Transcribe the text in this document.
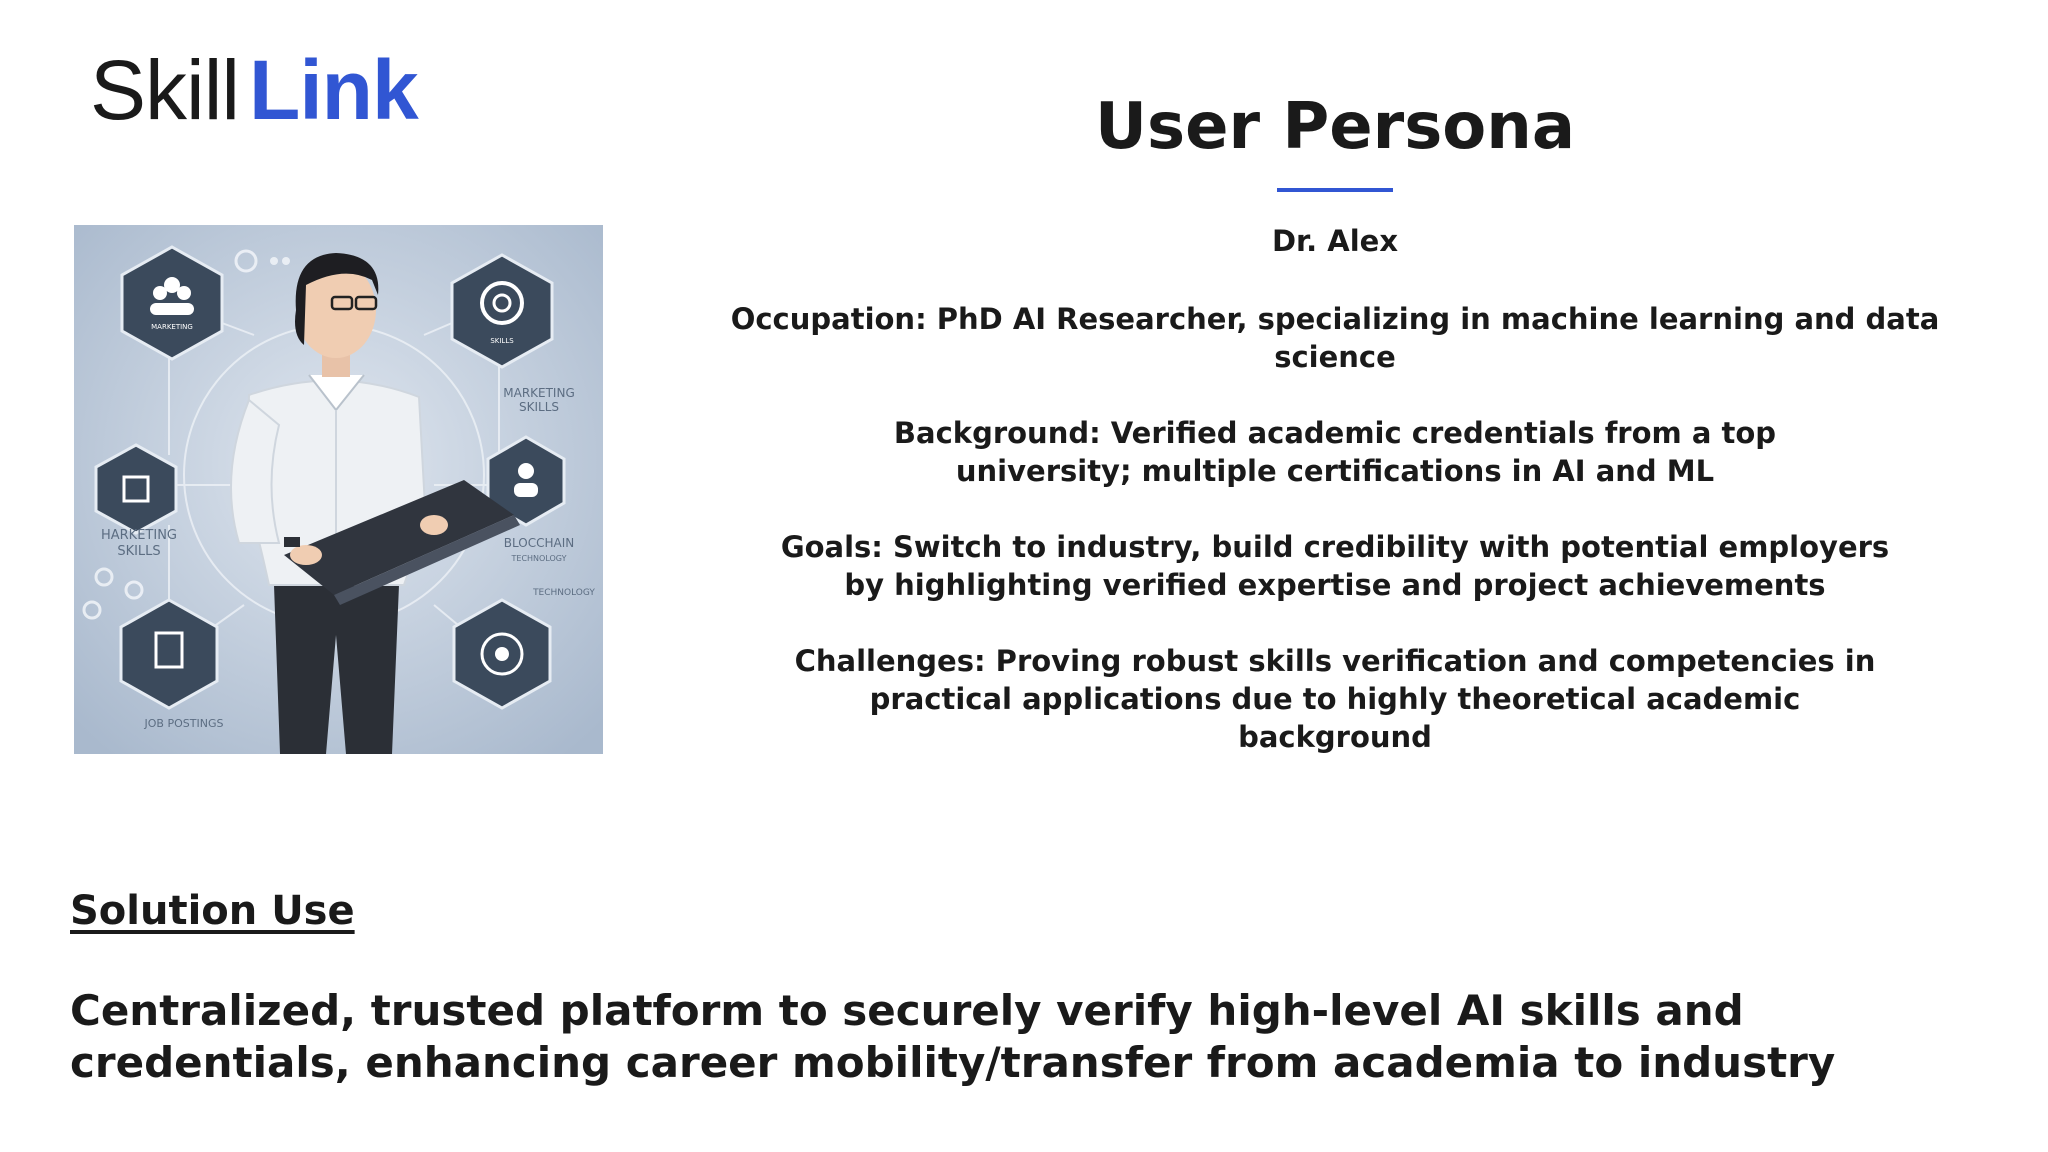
Skill Link	User Persona
MARKETING
SKILLS
MARKETING
SKILLS
HARKETING
SKILLS
BLOCCHAIN
TECHNOLOGY
TECHNOLOGY
JOB POSTINGS

Dr. Alex

Occupation: PhD AI Researcher, specializing in machine learning and data science

Background: Verified academic credentials from a top university; multiple certifications in AI and ML

Goals: Switch to industry, build credibility with potential employers by highlighting verified expertise and project achievements

Challenges: Proving robust skills verification and competencies in practical applications due to highly theoretical academic background

Solution Use

Centralized, trusted platform to securely verify high-level AI skills and credentials, enhancing career mobility/transfer from academia to industry
